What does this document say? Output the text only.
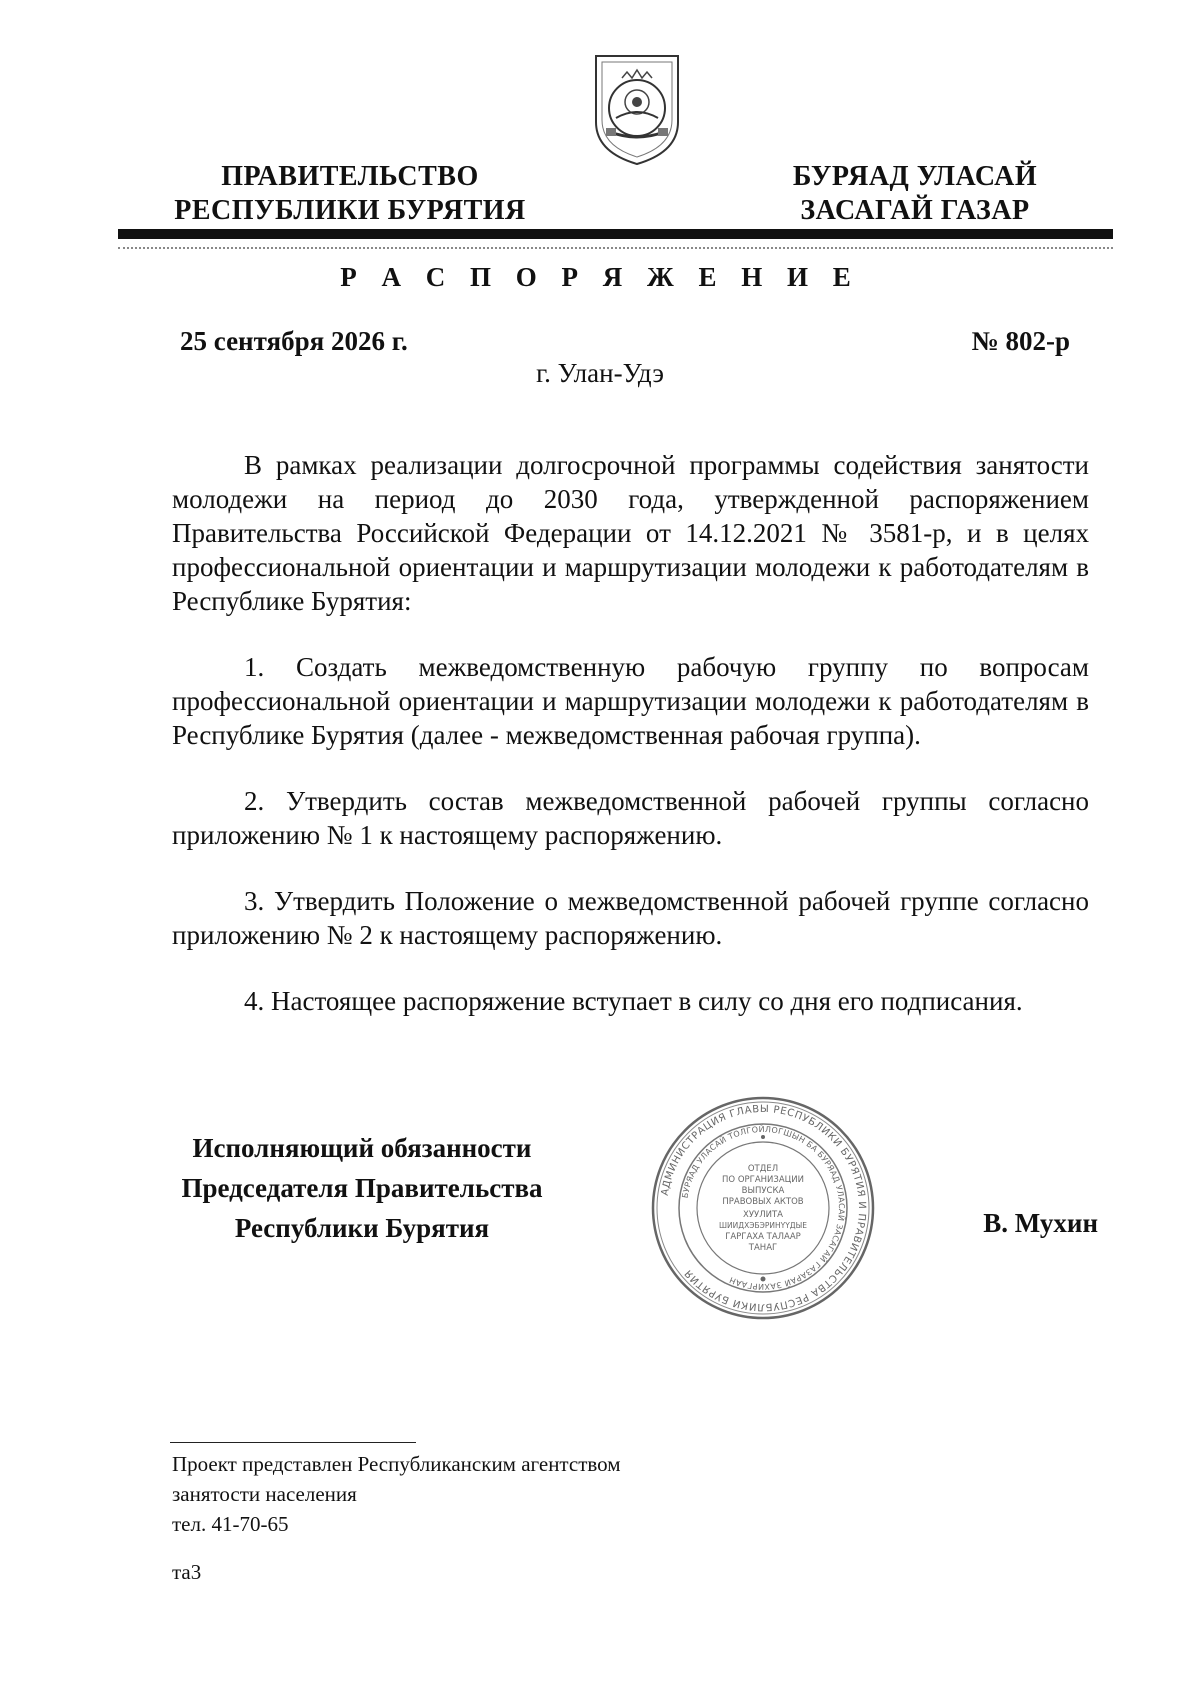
ПРАВИТЕЛЬСТВО
РЕСПУБЛИКИ БУРЯТИЯ
БУРЯАД УЛАСАЙ
ЗАСАГАЙ ГАЗАР
Р А С П О Р Я Ж Е Н И Е
25 сентября 2026 г.	№ 802-р
г. Улан-Удэ

В рамках реализации долгосрочной программы содействия занятости молодежи на период до 2030 года, утвержденной распоряжением Правительства Российской Федерации от 14.12.2021 № 3581-р, и в целях профессиональной ориентации и маршрутизации молодежи к работодателям в Республике Бурятия:

1. Создать межведомственную рабочую группу по вопросам профессиональной ориентации и маршрутизации молодежи к работодателям в Республике Бурятия (далее - межведомственная рабочая группа).

2. Утвердить состав межведомственной рабочей группы согласно приложению № 1 к настоящему распоряжению.

3. Утвердить Положение о межведомственной рабочей группе согласно приложению № 2 к настоящему распоряжению.

4. Настоящее распоряжение вступает в силу со дня его подписания.

Исполняющий обязанности
Председателя Правительства
Республики Бурятия
АДМИНИСТРАЦИЯ ГЛАВЫ РЕСПУБЛИКИ БУРЯТИЯ И ПРАВИТЕЛЬСТВА РЕСПУБЛИКИ БУРЯТИЯ
БУРЯАД УЛАСАЙ ТОЛГОЙЛОГШЫН БА БУРЯАД УЛАСАЙ ЗАСАГАЙ ГАЗАРАЙ ЗАХИРГААН
ОТДЕЛ
ПО ОРГАНИЗАЦИИ
ВЫПУСКА
ПРАВОВЫХ АКТОВ
ХУУЛИТА
ШИИДХЭБЭРИНҮҮДЫЕ
ГАРГАХА ТАЛААР
ТАНАГ
В. Мухин
Проект представлен Республиканским агентством
занятости населения
тел. 41-70-65
та3
